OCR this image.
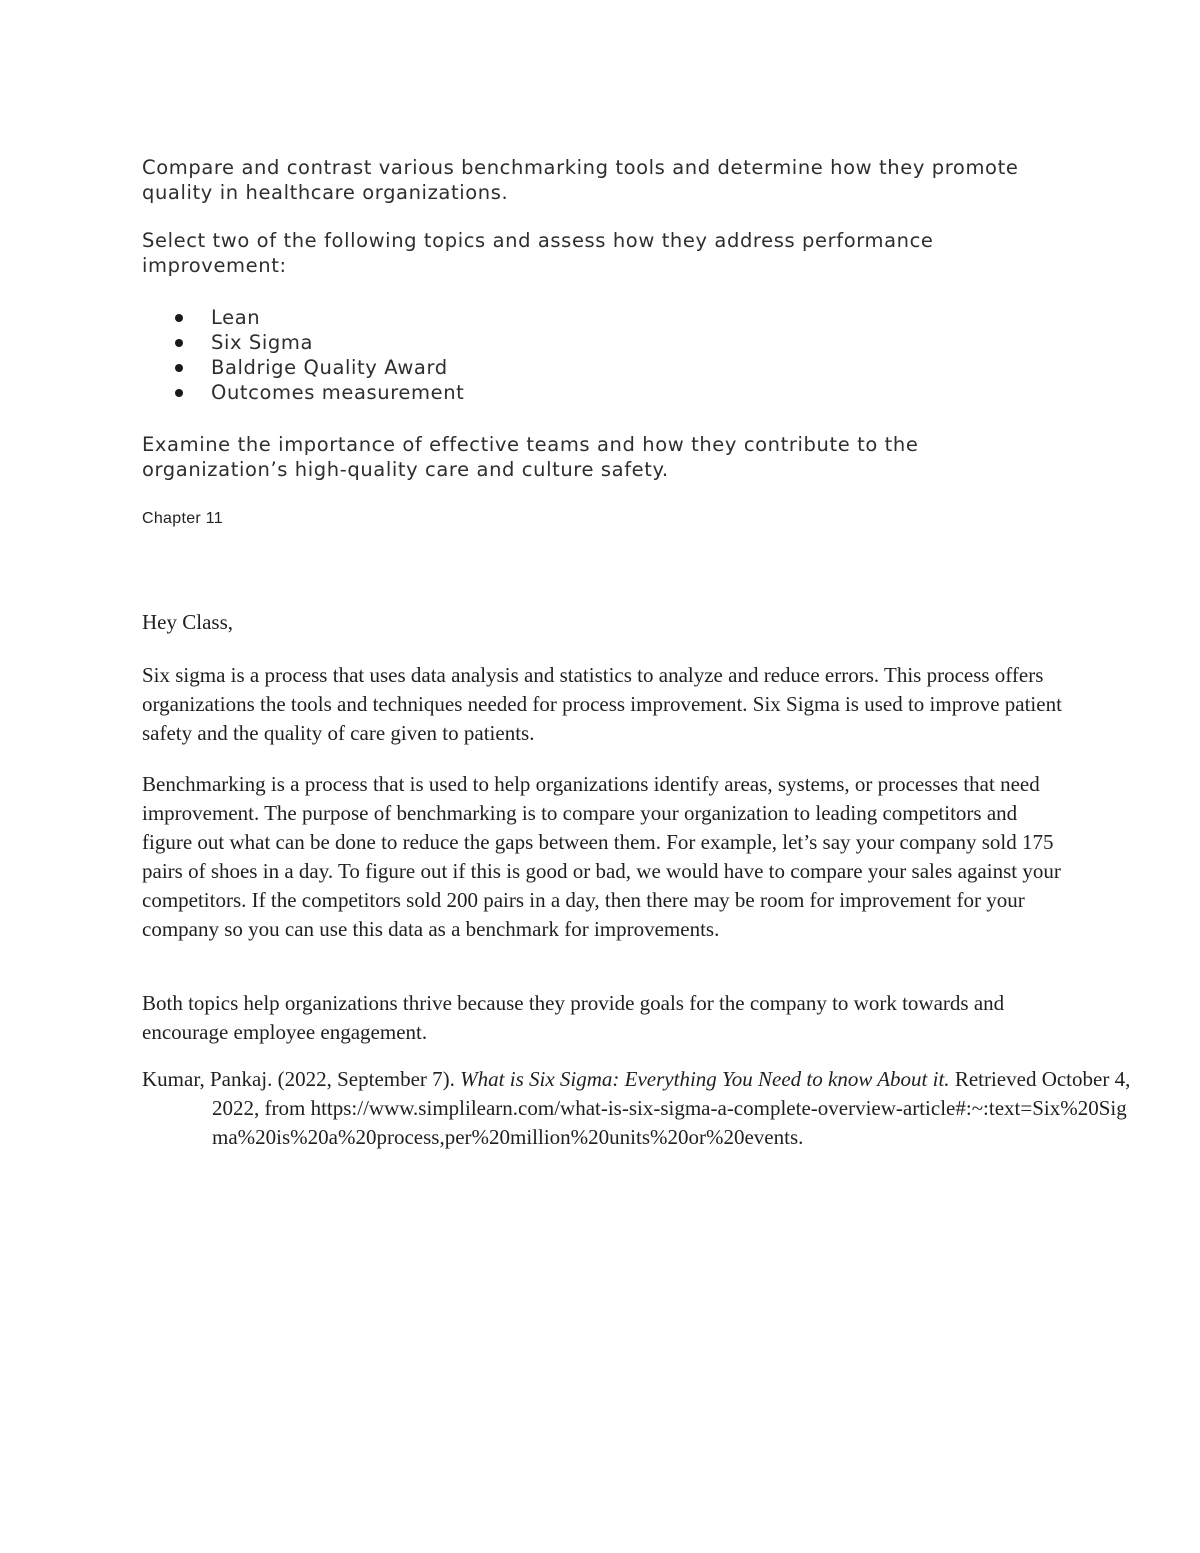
Compare and contrast various benchmarking tools and determine how they promote quality in healthcare organizations.

Select two of the following topics and assess how they address performance improvement:

Lean
Six Sigma
Baldrige Quality Award
Outcomes measurement

Examine the importance of effective teams and how they contribute to the organization’s high-quality care and culture safety.

Chapter 11

Hey Class,

Six sigma is a process that uses data analysis and statistics to analyze and reduce errors. This process offers organizations the tools and techniques needed for process improvement. Six Sigma is used to improve patient safety and the quality of care given to patients.

Benchmarking is a process that is used to help organizations identify areas, systems, or processes that need improvement. The purpose of benchmarking is to compare your organization to leading competitors and figure out what can be done to reduce the gaps between them. For example, let’s say your company sold 175 pairs of shoes in a day. To figure out if this is good or bad, we would have to compare your sales against your competitors. If the competitors sold 200 pairs in a day, then there may be room for improvement for your company so you can use this data as a benchmark for improvements.

Both topics help organizations thrive because they provide goals for the company to work towards and encourage employee engagement.

Kumar, Pankaj. (2022, September 7). What is Six Sigma: Everything You Need to know About it. Retrieved October 4, 2022, from https://www.simplilearn.com/what-is-six-sigma-a-complete-overview-article#:~:text=Six%20Sigma%20is%20a%20process,per%20million%20units%20or%20events.
